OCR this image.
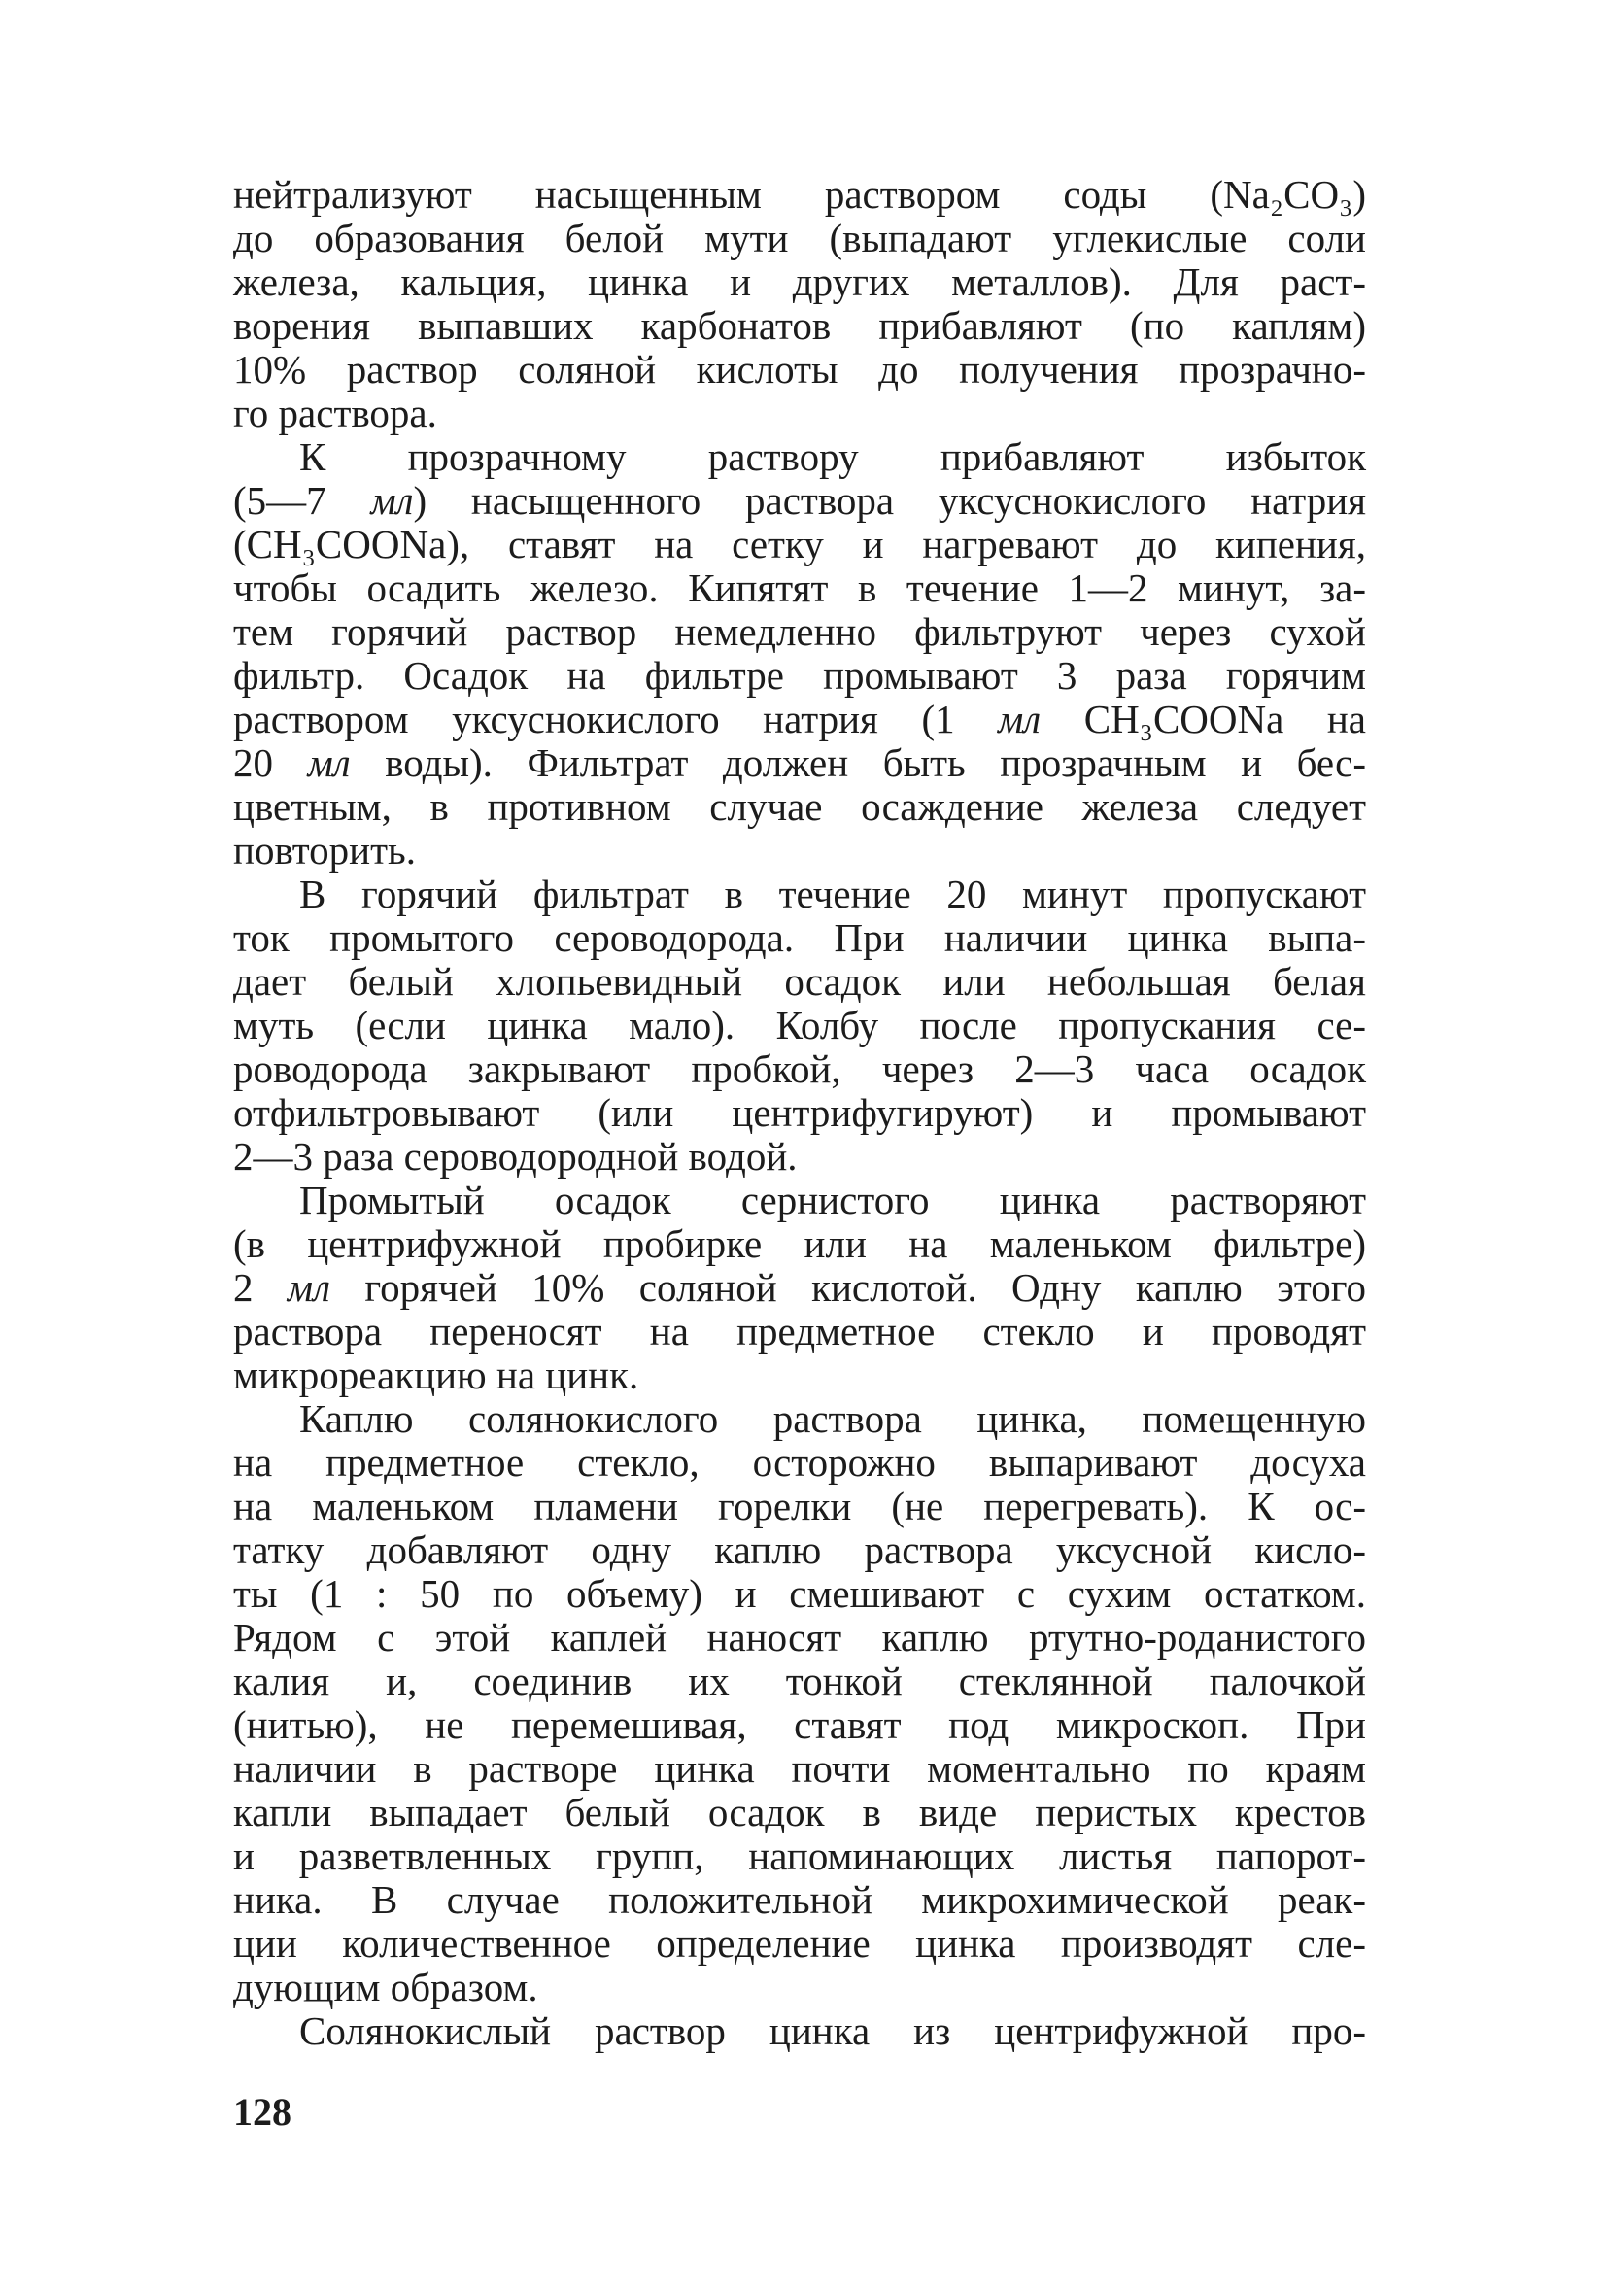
нейтрализуют насыщенным раствором соды (Na₂CO₃)
до образования белой мути (выпадают углекислые соли
железа, кальция, цинка и других металлов). Для раст-
ворения выпавших карбонатов прибавляют (по каплям)
10% раствор соляной кислоты до получения прозрачно-
го раствора.
К прозрачному раствору прибавляют избыток
(5—7 мл) насыщенного раствора уксуснокислого натрия
(CH₃COONa), ставят на сетку и нагревают до кипения,
чтобы осадить железо. Кипятят в течение 1—2 минут, за-
тем горячий раствор немедленно фильтруют через сухой
фильтр. Осадок на фильтре промывают 3 раза горячим
раствором уксуснокислого натрия (1 мл CH₃COONa на
20 мл воды). Фильтрат должен быть прозрачным и бес-
цветным, в противном случае осаждение железа следует
повторить.
В горячий фильтрат в течение 20 минут пропускают
ток промытого сероводорода. При наличии цинка выпа-
дает белый хлопьевидный осадок или небольшая белая
муть (если цинка мало). Колбу после пропускания се-
роводорода закрывают пробкой, через 2—3 часа осадок
отфильтровывают (или центрифугируют) и промывают
2—3 раза сероводородной водой.
Промытый осадок сернистого цинка растворяют
(в центрифужной пробирке или на маленьком фильтре)
2 мл горячей 10% соляной кислотой. Одну каплю этого
раствора переносят на предметное стекло и проводят
микрореакцию на цинк.
Каплю солянокислого раствора цинка, помещенную
на предметное стекло, осторожно выпаривают досуха
на маленьком пламени горелки (не перегревать). К ос-
татку добавляют одну каплю раствора уксусной кисло-
ты (1 : 50 по объему) и смешивают с сухим остатком.
Рядом с этой каплей наносят каплю ртутно-роданистого
калия и, соединив их тонкой стеклянной палочкой
(нитью), не перемешивая, ставят под микроскоп. При
наличии в растворе цинка почти моментально по краям
капли выпадает белый осадок в виде перистых крестов
и разветвленных групп, напоминающих листья папорот-
ника. В случае положительной микрохимической реак-
ции количественное определение цинка производят сле-
дующим образом.
Солянокислый раствор цинка из центрифужной про-
128
